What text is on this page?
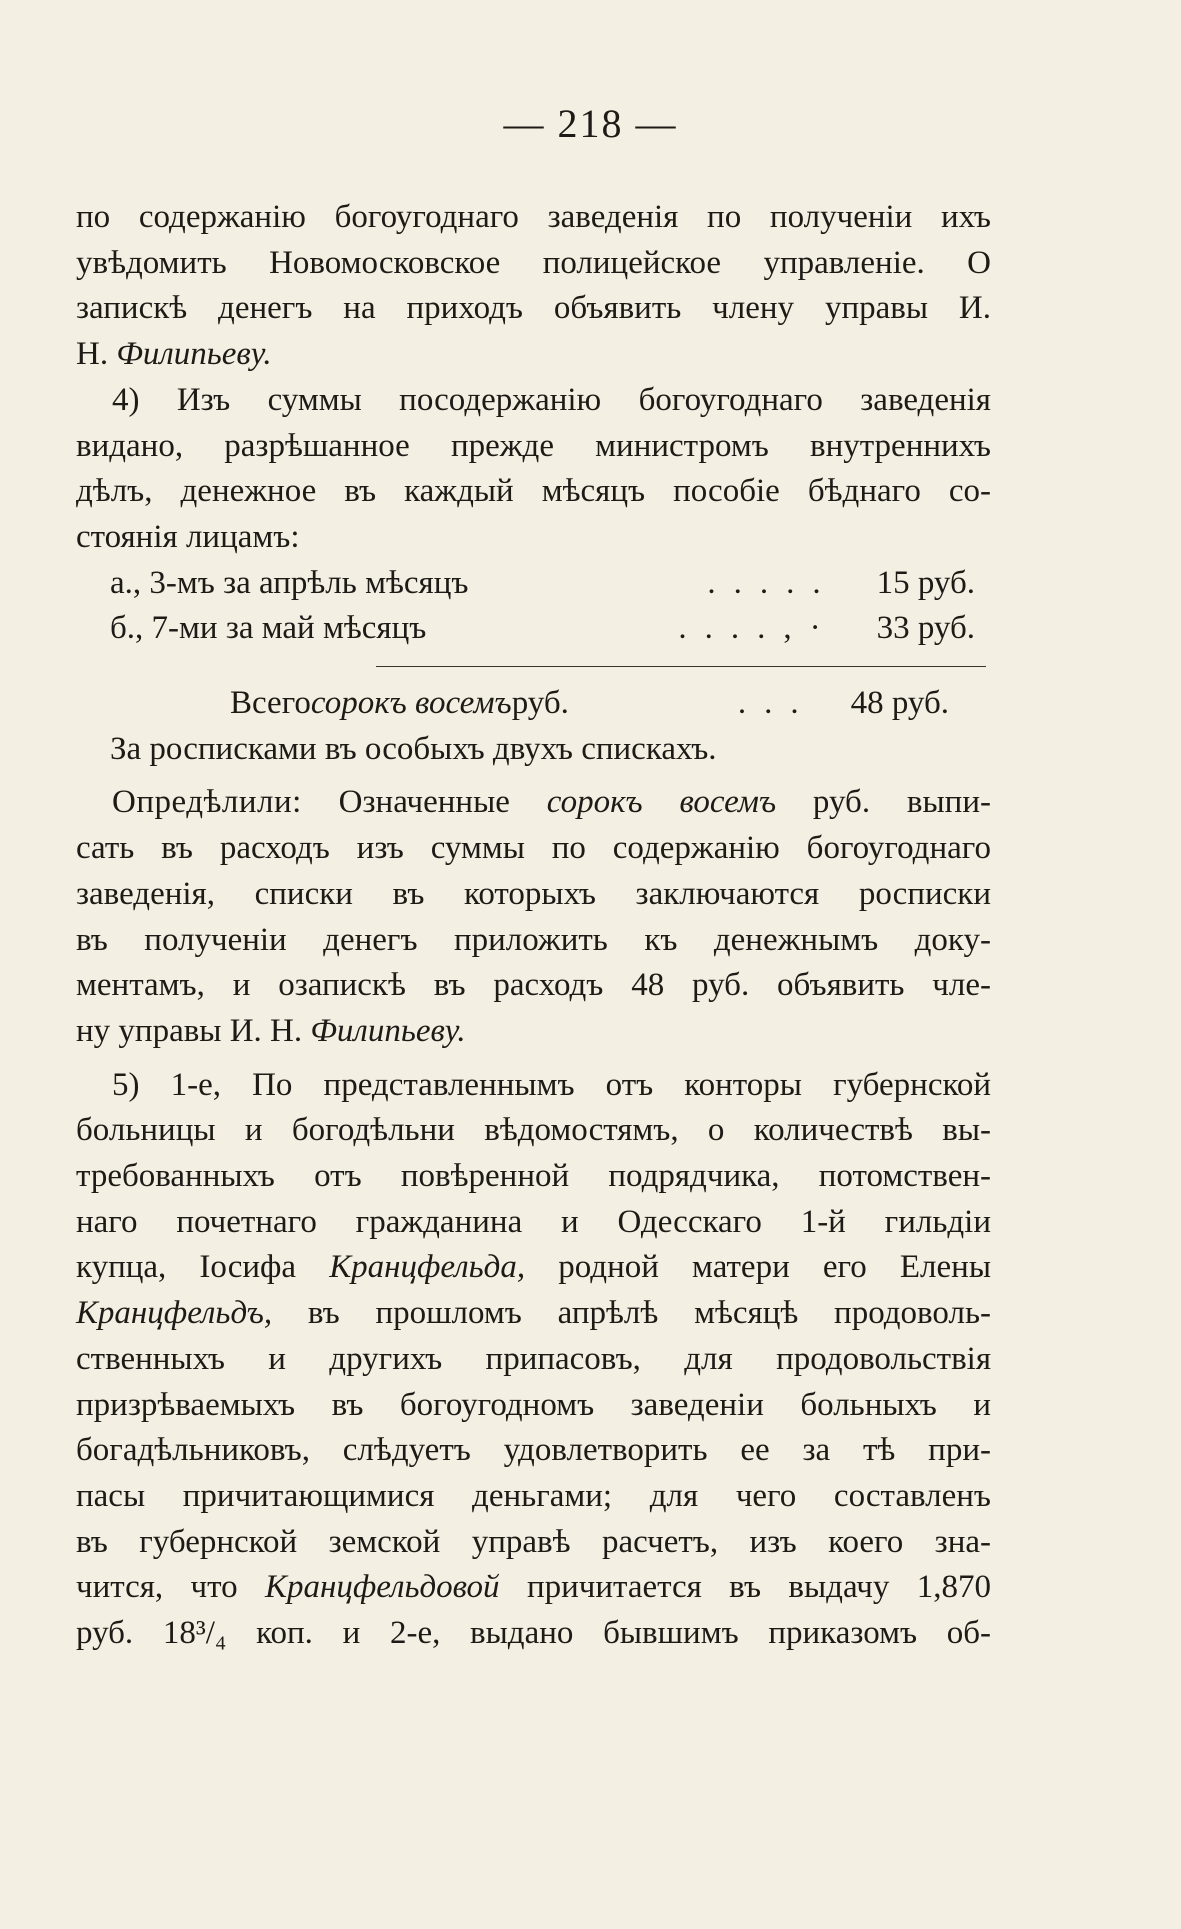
— 218 —
по содержанію богоугоднаго заведенія по полученіи ихъ
увѣдомить Новомосковское полицейское управленіе. О
запискѣ денегъ на приходъ объявить члену управы И.
Н. Филипьеву.
4) Изъ суммы посодержанію богоугоднаго заведенія
видано, разрѣшанное прежде министромъ внутреннихъ
дѣлъ, денежное въ каждый мѣсяцъ пособіе бѣднаго со-
стоянія лицамъ:
а., 3-мъ за апрѣль мѣсяцъ	.....	15 руб.
б., 7-ми за май мѣсяцъ	....,·	33 руб.
Всего сорокъ восемъ руб.	...	48 руб.
За росписками въ особыхъ двухъ спискахъ.
Опредѣлили: Означенные сорокъ восемъ руб. выпи-
сать въ расходъ изъ суммы по содержанію богоугоднаго
заведенія, списки въ которыхъ заключаются росписки
въ полученіи денегъ приложить къ денежнымъ доку-
ментамъ, и озапискѣ въ расходъ 48 руб. объявить чле-
ну управы И. Н. Филипьеву.
5) 1-е, По представленнымъ отъ конторы губернской
больницы и богодѣльни вѣдомостямъ, о количествѣ вы-
требованныхъ отъ повѣренной подрядчика, потомствен-
наго почетнаго гражданина и Одесскаго 1-й гильдіи
купца, Іосифа Кранцфельда, родной матери его Елены
Кранцфельдъ, въ прошломъ апрѣлѣ мѣсяцѣ продоволь-
ственныхъ и другихъ припасовъ, для продовольствія
призрѣваемыхъ въ богоугодномъ заведеніи больныхъ и
богадѣльниковъ, слѣдуетъ удовлетворить ее за тѣ при-
пасы причитающимися деньгами; для чего составленъ
въ губернской земской управѣ расчетъ, изъ коего зна-
чится, что Кранцфельдовой причитается въ выдачу 1,870
руб. 18³/₄ коп. и 2-е, выдано бывшимъ приказомъ об-
